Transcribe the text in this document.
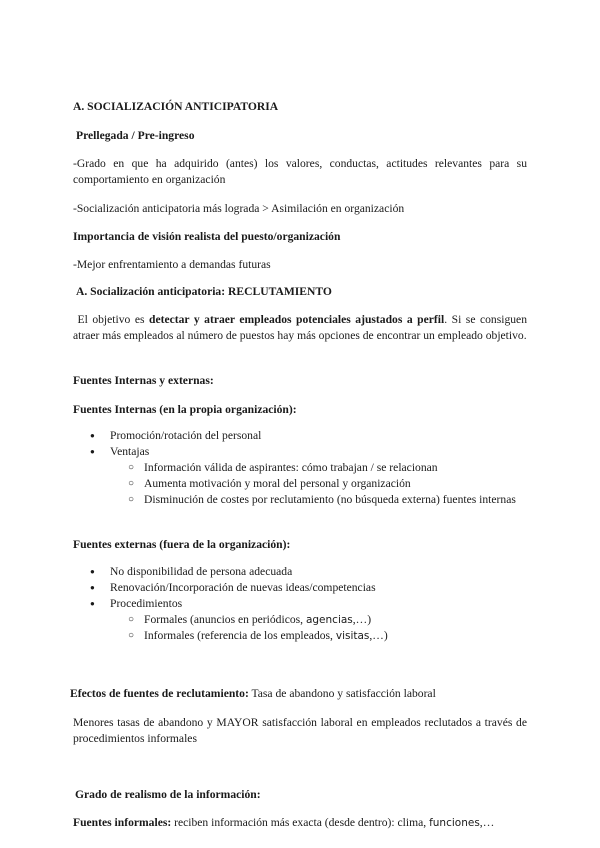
A. SOCIALIZACIÓN ANTICIPATORIA

Prellegada / Pre-ingreso

-Grado en que ha adquirido (antes) los valores, conductas, actitudes relevantes para su comportamiento en organización

-Socialización anticipatoria más lograda > Asimilación en organización

Importancia de visión realista del puesto/organización

-Mejor enfrentamiento a demandas futuras

A. Socialización anticipatoria: RECLUTAMIENTO

El objetivo es detectar y atraer empleados potenciales ajustados a perfil. Si se consiguen atraer más empleados al número de puestos hay más opciones de encontrar un empleado objetivo.

Fuentes Internas y externas:

Fuentes Internas (en la propia organización):

● Promoción/rotación del personal
● Ventajas
○ Información válida de aspirantes: cómo trabajan / se relacionan
○ Aumenta motivación y moral del personal y organización
○ Disminución de costes por reclutamiento (no búsqueda externa) fuentes internas

Fuentes externas (fuera de la organización):

● No disponibilidad de persona adecuada
● Renovación/Incorporación de nuevas ideas/competencias
● Procedimientos
○ Formales (anuncios en periódicos, agencias,…)
○ Informales (referencia de los empleados, visitas,…)

Efectos de fuentes de reclutamiento: Tasa de abandono y satisfacción laboral

Menores tasas de abandono y MAYOR satisfacción laboral en empleados reclutados a través de procedimientos informales

Grado de realismo de la información:

Fuentes informales: reciben información más exacta (desde dentro): clima, funciones,…
